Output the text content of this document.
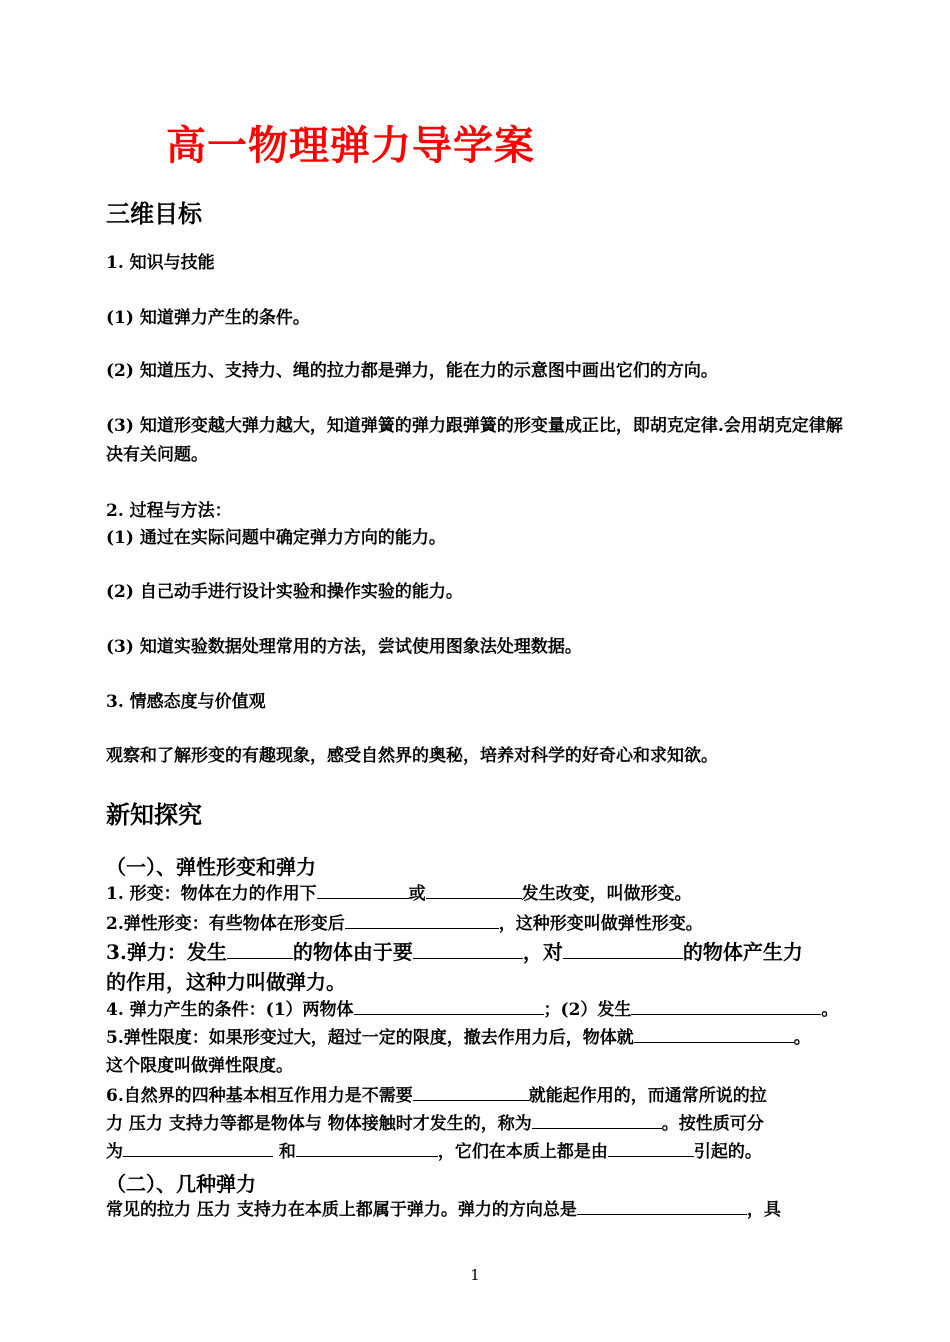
高一物理弹力导学案
三维目标
1. 知识与技能
(1) 知道弹力产生的条件。
(2) 知道压力、支持力、绳的拉力都是弹力，能在力的示意图中画出它们的方向。
(3) 知道形变越大弹力越大，知道弹簧的弹力跟弹簧的形变量成正比，即胡克定律.会用胡克定律解决有关问题。
2. 过程与方法：
(1) 通过在实际问题中确定弹力方向的能力。
(2) 自己动手进行设计实验和操作实验的能力。
(3) 知道实验数据处理常用的方法，尝试使用图象法处理数据。
3. 情感态度与价值观
观察和了解形变的有趣现象，感受自然界的奥秘，培养对科学的好奇心和求知欲。
新知探究
（一）、弹性形变和弹力
1. 形变：物体在力的作用下	或	发生改变，叫做形变。
2.弹性形变：有些物体在形变后	，这种形变叫做弹性形变。
3.弹力：发生	的物体由于要	，对	的物体产生力
的作用，这种力叫做弹力。
4. 弹力产生的条件：(1）两物体	；(2）发生	。
5.弹性限度：如果形变过大，超过一定的限度，撤去作用力后，物体就	。
这个限度叫做弹性限度。
6.自然界的四种基本相互作用力是不需要	就能起作用的，而通常所说的拉
力 压力 支持力等都是物体与 物体接触时才发生的，称为	。按性质可分
为	和	，它们在本质上都是由	引起的。
（二）、几种弹力
常见的拉力 压力 支持力在本质上都属于弹力。弹力的方向总是	，具
1
